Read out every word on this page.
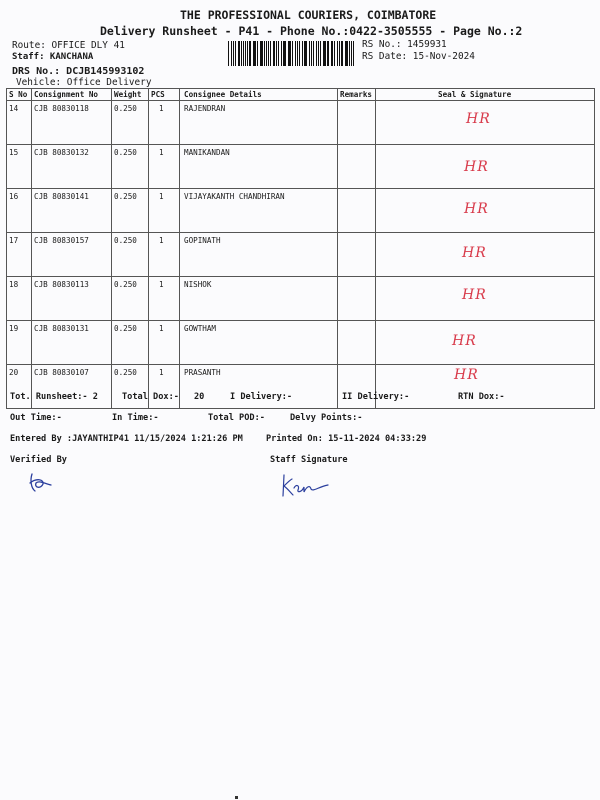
THE PROFESSIONAL COURIERS, COIMBATORE
Delivery Runsheet - P41 - Phone No.:0422-3505555 - Page No.:2
Route: OFFICE DLY 41
Staff: KANCHANA
DRS No.: DCJB145993102
Vehicle: Office Delivery
RS No.: 1459931
RS Date: 15-Nov-2024
S No	Consignment No	Weight	PCS	Consignee Details	Remarks	Seal & Signature
14	CJB 80830118	0.250	1	RAJENDRAN		HR

15	CJB 80830132	0.250	1	MANIKANDAN		HR

16	CJB 80830141	0.250	1	VIJAYAKANTH CHANDHIRAN		HR

17	CJB 80830157	0.250	1	GOPINATH		HR

18	CJB 80830113	0.250	1	NISHOK		HR

19	CJB 80830131	0.250	1	GOWTHAM		HR

20	CJB 80830107	0.250	1	PRASANTH		HR
Tot. Runsheet:- 2	Total Dox:- 20	I Delivery:-	II Delivery:-	RTN Dox:-
Out Time:-	In Time:-	Total POD:-	Delvy Points:-
Entered By :JAYANTHIP41 11/15/2024 1:21:26 PM	Printed On: 15-11-2024 04:33:29
Verified By	Staff Signature
